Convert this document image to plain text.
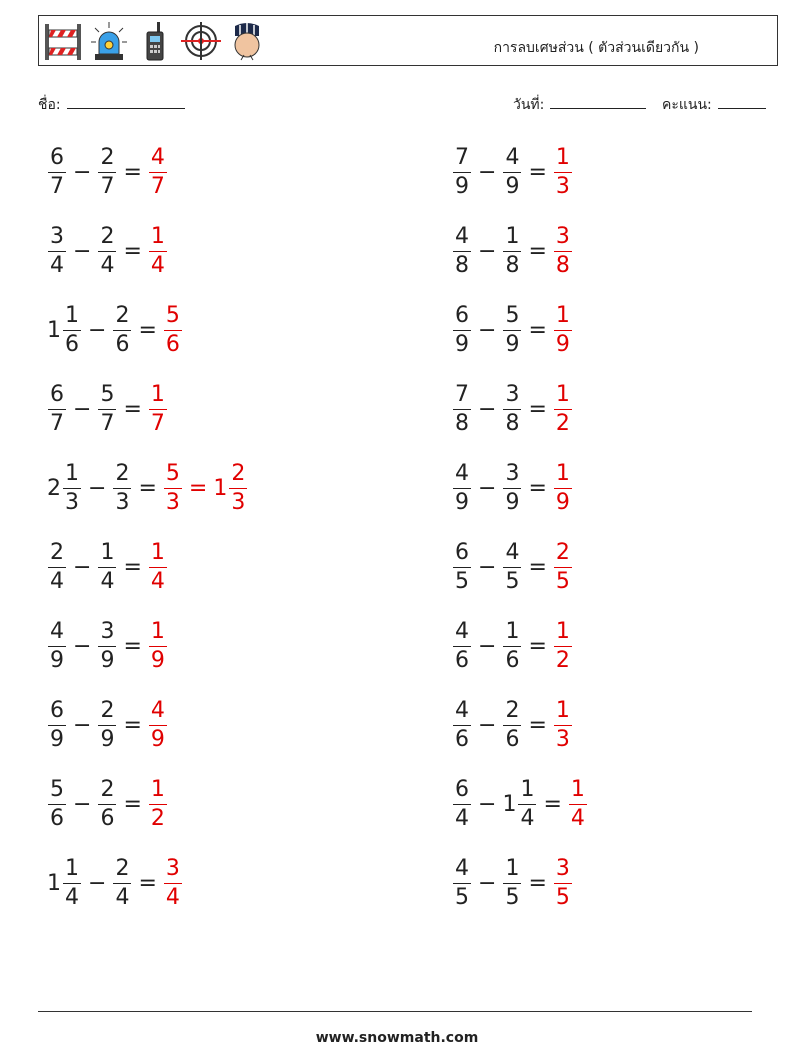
การลบเศษส่วน ( ตัวส่วนเดียวกัน )
ชื่อ:	วันที่:	คะแนน:
$\frac{6}{7} - \frac{2}{7} = \frac{4}{7}$	$\frac{7}{9} - \frac{4}{9} = \frac{1}{3}$
$\frac{3}{4} - \frac{2}{4} = \frac{1}{4}$	$\frac{4}{8} - \frac{1}{8} = \frac{3}{8}$
$1 \frac{1}{6} - \frac{2}{6} = \frac{5}{6}$	$\frac{6}{9} - \frac{5}{9} = \frac{1}{9}$
$\frac{6}{7} - \frac{5}{7} = \frac{1}{7}$	$\frac{7}{8} - \frac{3}{8} = \frac{1}{2}$
$2 \frac{1}{3} - \frac{2}{3} = \frac{5}{3} = 1 \frac{2}{3}$	$\frac{4}{9} - \frac{3}{9} = \frac{1}{9}$
$\frac{2}{4} - \frac{1}{4} = \frac{1}{4}$	$\frac{6}{5} - \frac{4}{5} = \frac{2}{5}$
$\frac{4}{9} - \frac{3}{9} = \frac{1}{9}$	$\frac{4}{6} - \frac{1}{6} = \frac{1}{2}$
$\frac{6}{9} - \frac{2}{9} = \frac{4}{9}$	$\frac{4}{6} - \frac{2}{6} = \frac{1}{3}$
$\frac{5}{6} - \frac{2}{6} = \frac{1}{2}$	$\frac{6}{4} - 1 \frac{1}{4} = \frac{1}{4}$
$1 \frac{1}{4} - \frac{2}{4} = \frac{3}{4}$	$\frac{4}{5} - \frac{1}{5} = \frac{3}{5}$
www.snowmath.com
